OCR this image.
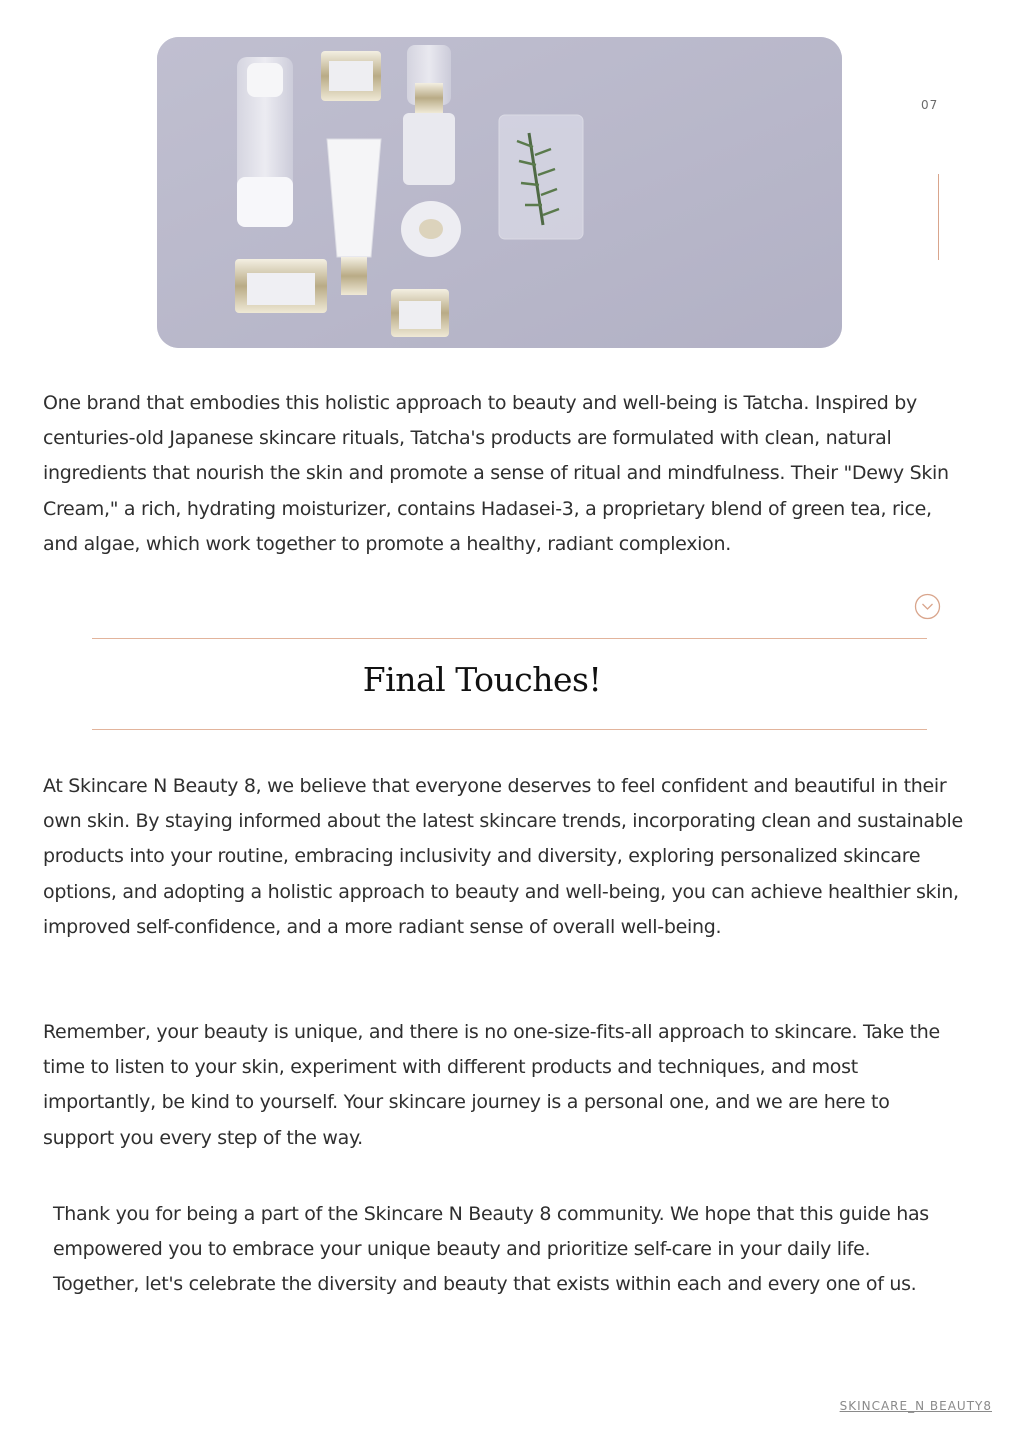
07

One brand that embodies this holistic approach to beauty and well-being is Tatcha. Inspired by centuries-old Japanese skincare rituals, Tatcha's products are formulated with clean, natural ingredients that nourish the skin and promote a sense of ritual and mindfulness. Their "Dewy Skin Cream," a rich, hydrating moisturizer, contains Hadasei-3, a proprietary blend of green tea, rice, and algae, which work together to promote a healthy, radiant complexion.

Final Touches!

At Skincare N Beauty 8, we believe that everyone deserves to feel confident and beautiful in their own skin. By staying informed about the latest skincare trends, incorporating clean and sustainable products into your routine, embracing inclusivity and diversity, exploring personalized skincare options, and adopting a holistic approach to beauty and well-being, you can achieve healthier skin, improved self-confidence, and a more radiant sense of overall well-being.

Remember, your beauty is unique, and there is no one-size-fits-all approach to skincare. Take the time to listen to your skin, experiment with different products and techniques, and most importantly, be kind to yourself. Your skincare journey is a personal one, and we are here to support you every step of the way.

Thank you for being a part of the Skincare N Beauty 8 community. We hope that this guide has empowered you to embrace your unique beauty and prioritize self-care in your daily life. Together, let's celebrate the diversity and beauty that exists within each and every one of us.

SKINCARE_N BEAUTY8
